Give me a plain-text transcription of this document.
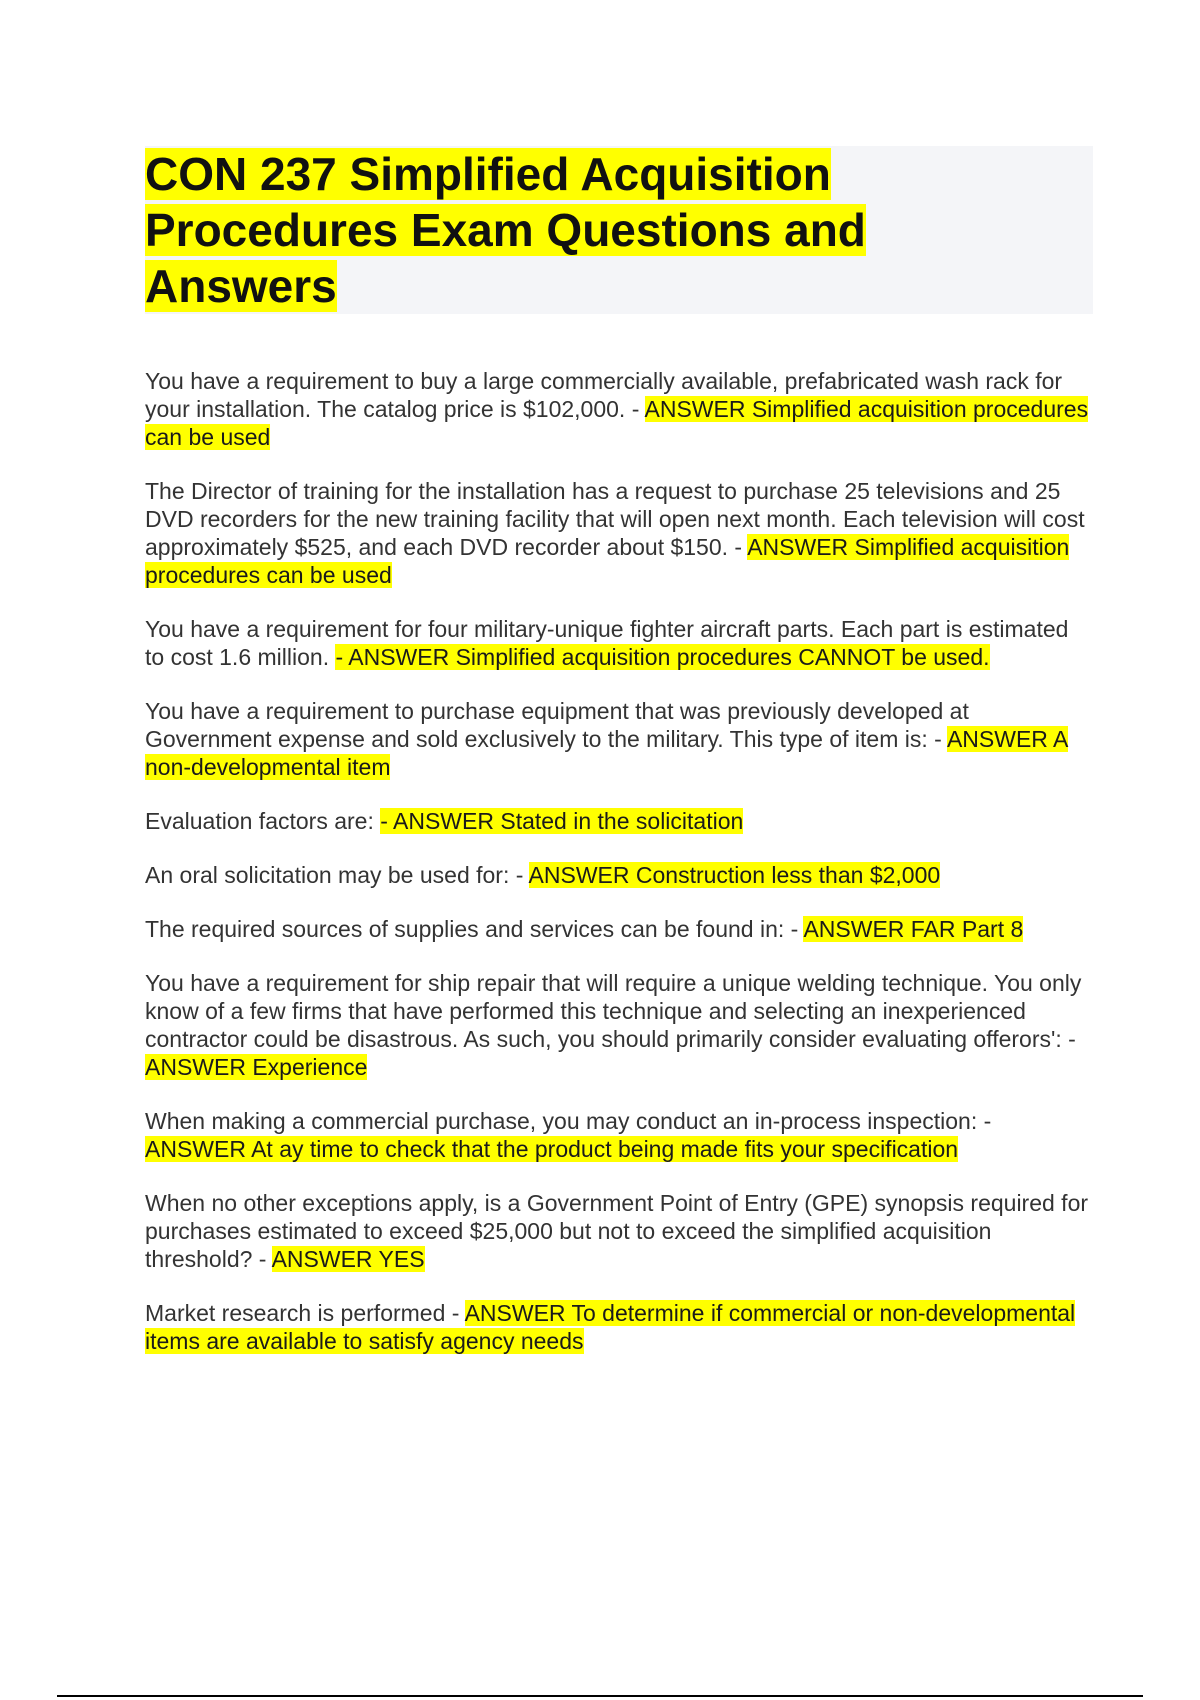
CON 237 Simplified Acquisition Procedures Exam Questions and Answers

You have a requirement to buy a large commercially available, prefabricated wash rack for your installation. The catalog price is $102,000. - ANSWER Simplified acquisition procedures can be used

The Director of training for the installation has a request to purchase 25 televisions and 25 DVD recorders for the new training facility that will open next month. Each television will cost approximately $525, and each DVD recorder about $150. - ANSWER Simplified acquisition procedures can be used

You have a requirement for four military-unique fighter aircraft parts. Each part is estimated to cost 1.6 million. - ANSWER Simplified acquisition procedures CANNOT be used.

You have a requirement to purchase equipment that was previously developed at Government expense and sold exclusively to the military. This type of item is: - ANSWER A non-developmental item

Evaluation factors are: - ANSWER Stated in the solicitation

An oral solicitation may be used for: - ANSWER Construction less than $2,000

The required sources of supplies and services can be found in: - ANSWER FAR Part 8

You have a requirement for ship repair that will require a unique welding technique. You only know of a few firms that have performed this technique and selecting an inexperienced contractor could be disastrous. As such, you should primarily consider evaluating offerors': - ANSWER Experience

When making a commercial purchase, you may conduct an in-process inspection: - ANSWER At ay time to check that the product being made fits your specification

When no other exceptions apply, is a Government Point of Entry (GPE) synopsis required for purchases estimated to exceed $25,000 but not to exceed the simplified acquisition threshold? - ANSWER YES

Market research is performed - ANSWER To determine if commercial or non-developmental items are available to satisfy agency needs
